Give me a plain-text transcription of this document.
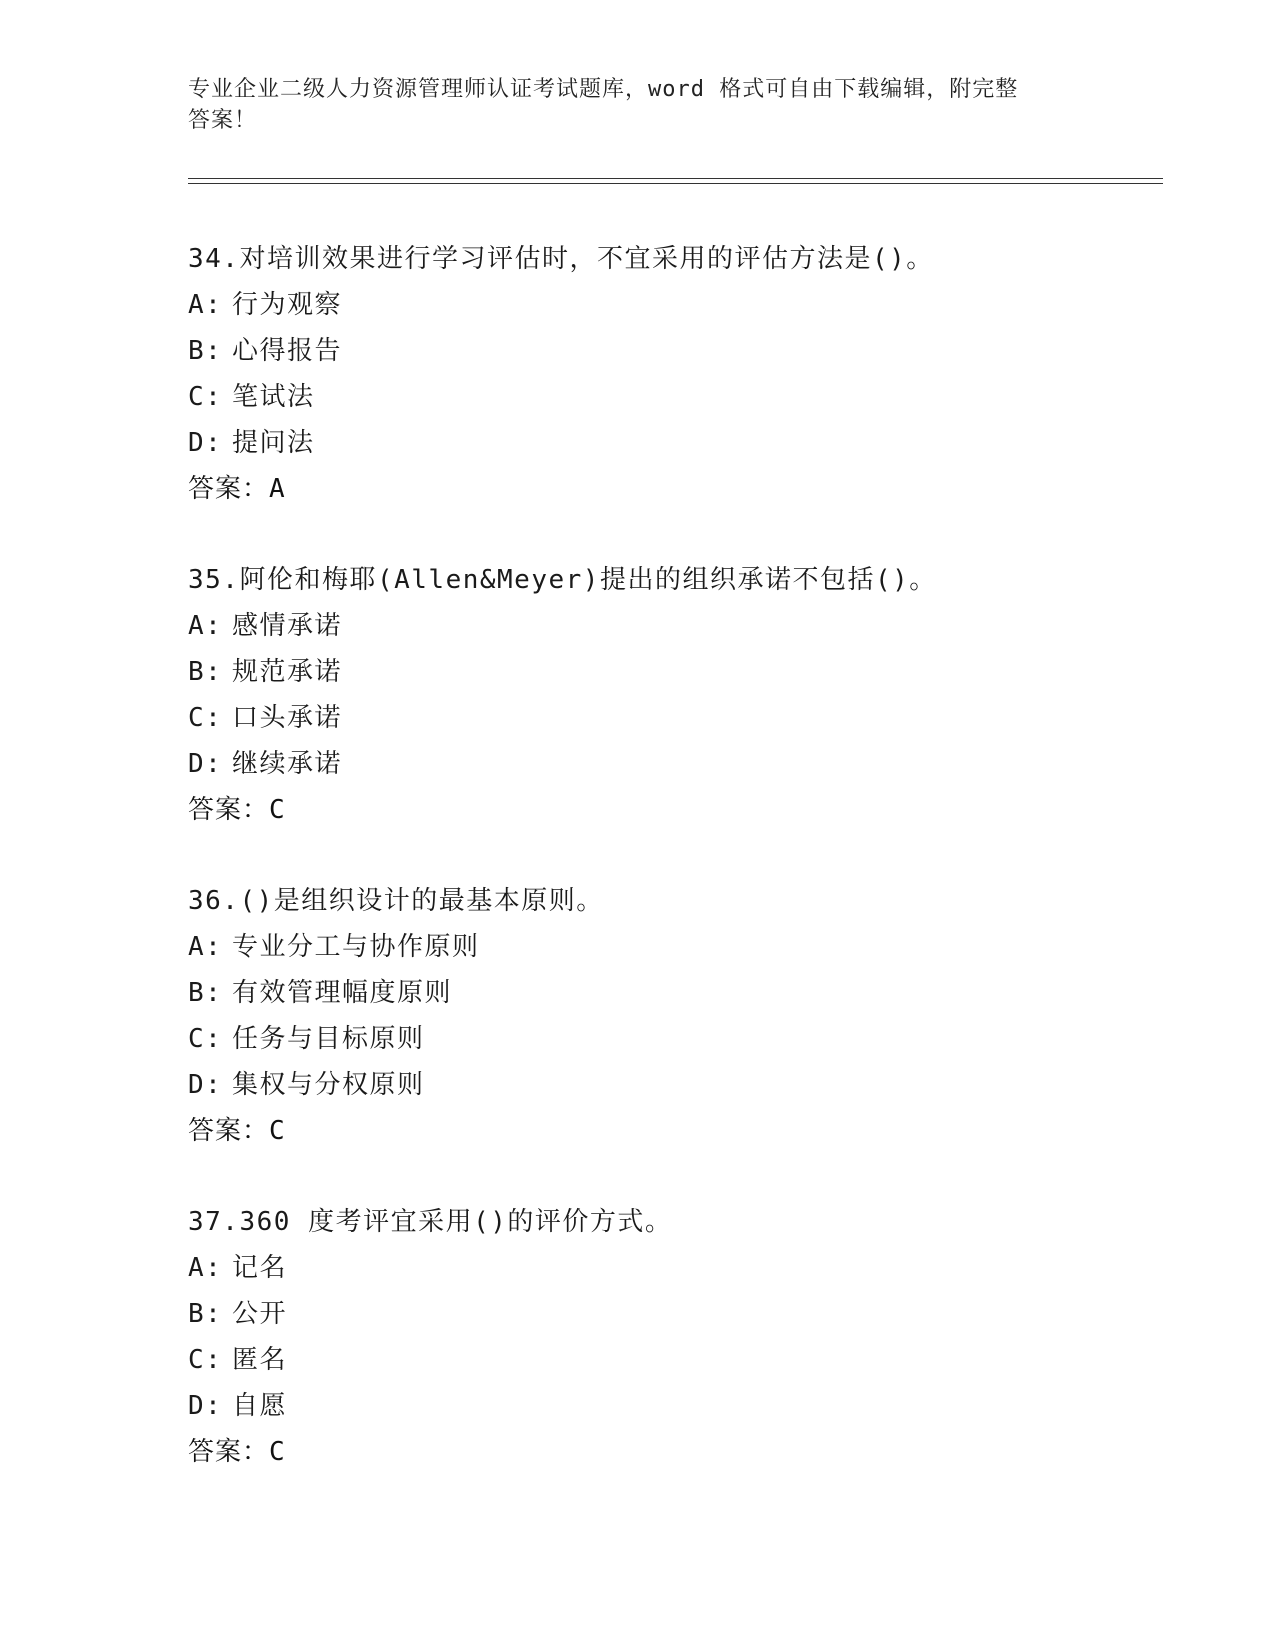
专业企业二级人力资源管理师认证考试题库，word 格式可自由下载编辑，附完整
答案！
34.对培训效果进行学习评估时，不宜采用的评估方法是()。
A: 行为观察
B: 心得报告
C: 笔试法
D: 提问法
答案：A
35.阿伦和梅耶(Allen&Meyer)提出的组织承诺不包括()。
A: 感情承诺
B: 规范承诺
C: 口头承诺
D: 继续承诺
答案：C
36.()是组织设计的最基本原则。
A: 专业分工与协作原则
B: 有效管理幅度原则
C: 任务与目标原则
D: 集权与分权原则
答案：C
37.360 度考评宜采用()的评价方式。
A: 记名
B: 公开
C: 匿名
D: 自愿
答案：C
